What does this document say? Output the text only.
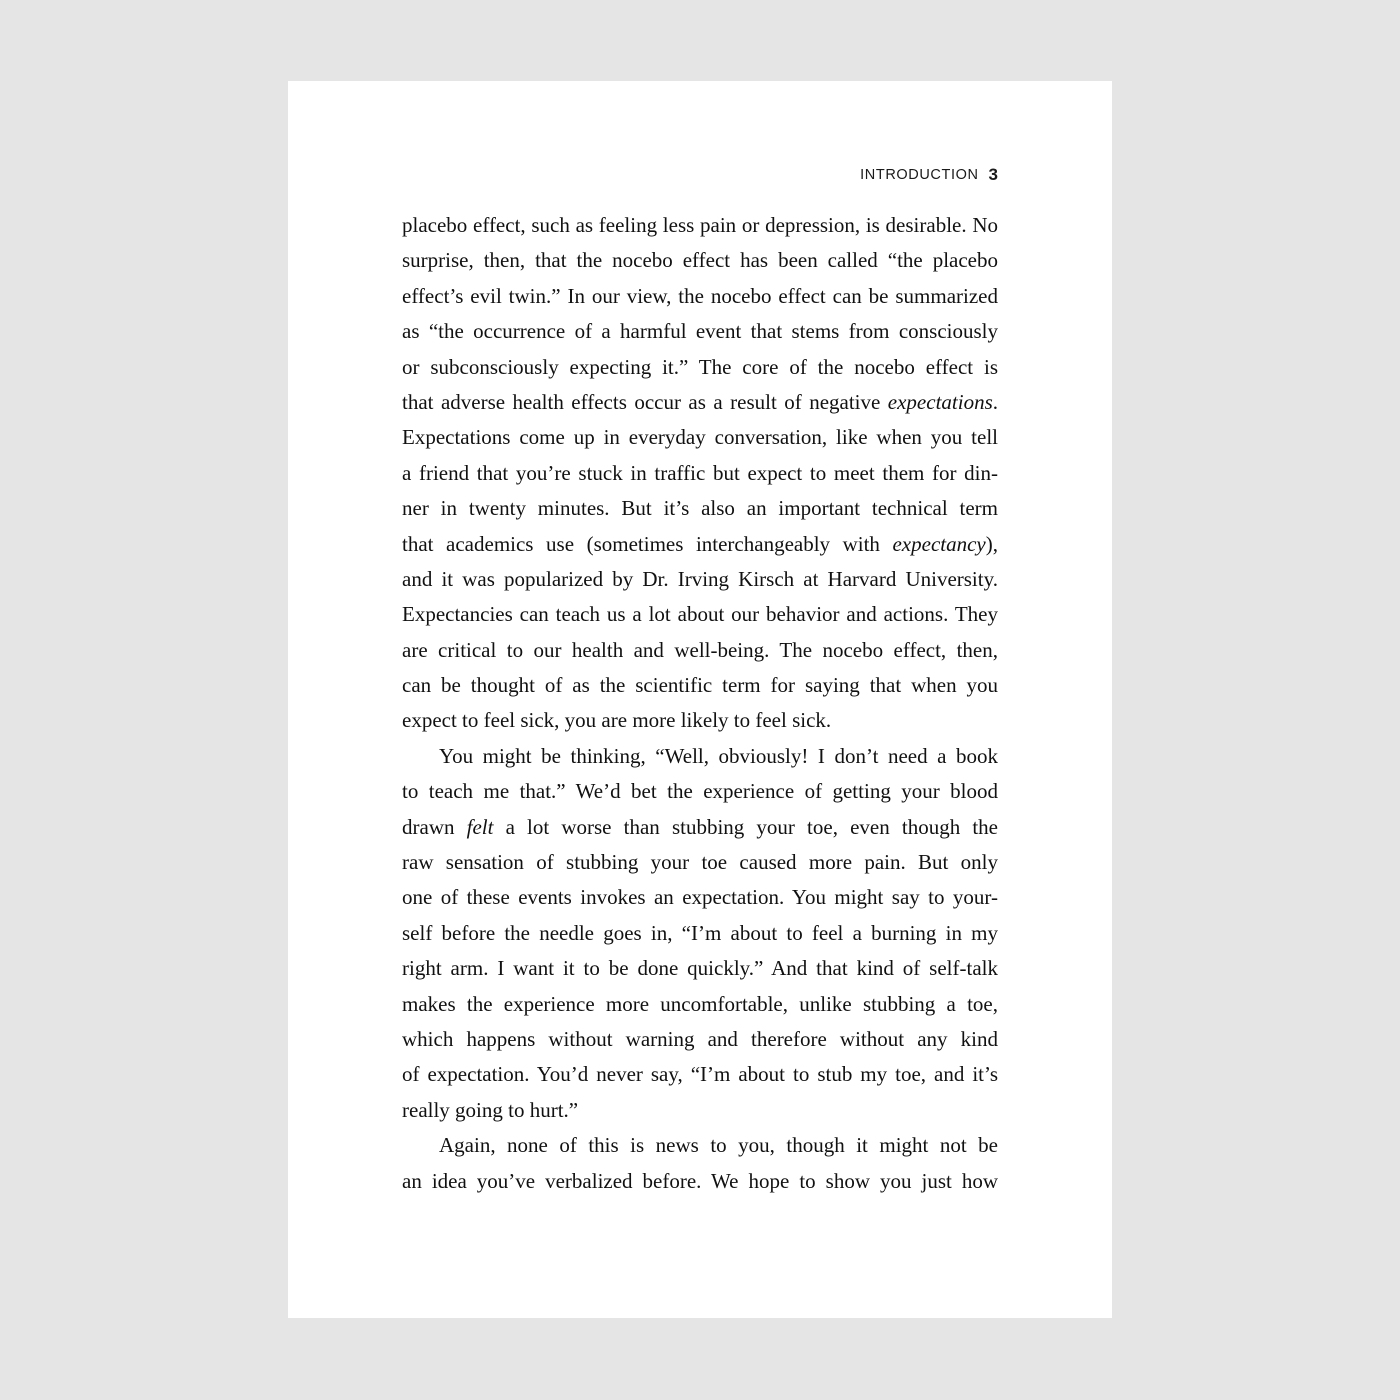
INTRODUCTION 3
placebo effect, such as feeling less pain or depression, is desirable. No
surprise, then, that the nocebo effect has been called “the placebo
effect’s evil twin.” In our view, the nocebo effect can be summarized
as “the occurrence of a harmful event that stems from consciously
or subconsciously expecting it.” The core of the nocebo effect is
that adverse health effects occur as a result of negative expectations.
Expectations come up in everyday conversation, like when you tell
a friend that you’re stuck in traffic but expect to meet them for din-
ner in twenty minutes. But it’s also an important technical term
that academics use (sometimes interchangeably with expectancy),
and it was popularized by Dr. Irving Kirsch at Harvard University.
Expectancies can teach us a lot about our behavior and actions. They
are critical to our health and well-being. The nocebo effect, then,
can be thought of as the scientific term for saying that when you
expect to feel sick, you are more likely to feel sick.
You might be thinking, “Well, obviously! I don’t need a book
to teach me that.” We’d bet the experience of getting your blood
drawn felt a lot worse than stubbing your toe, even though the
raw sensation of stubbing your toe caused more pain. But only
one of these events invokes an expectation. You might say to your-
self before the needle goes in, “I’m about to feel a burning in my
right arm. I want it to be done quickly.” And that kind of self-talk
makes the experience more uncomfortable, unlike stubbing a toe,
which happens without warning and therefore without any kind
of expectation. You’d never say, “I’m about to stub my toe, and it’s
really going to hurt.”
Again, none of this is news to you, though it might not be
an idea you’ve verbalized before. We hope to show you just how
